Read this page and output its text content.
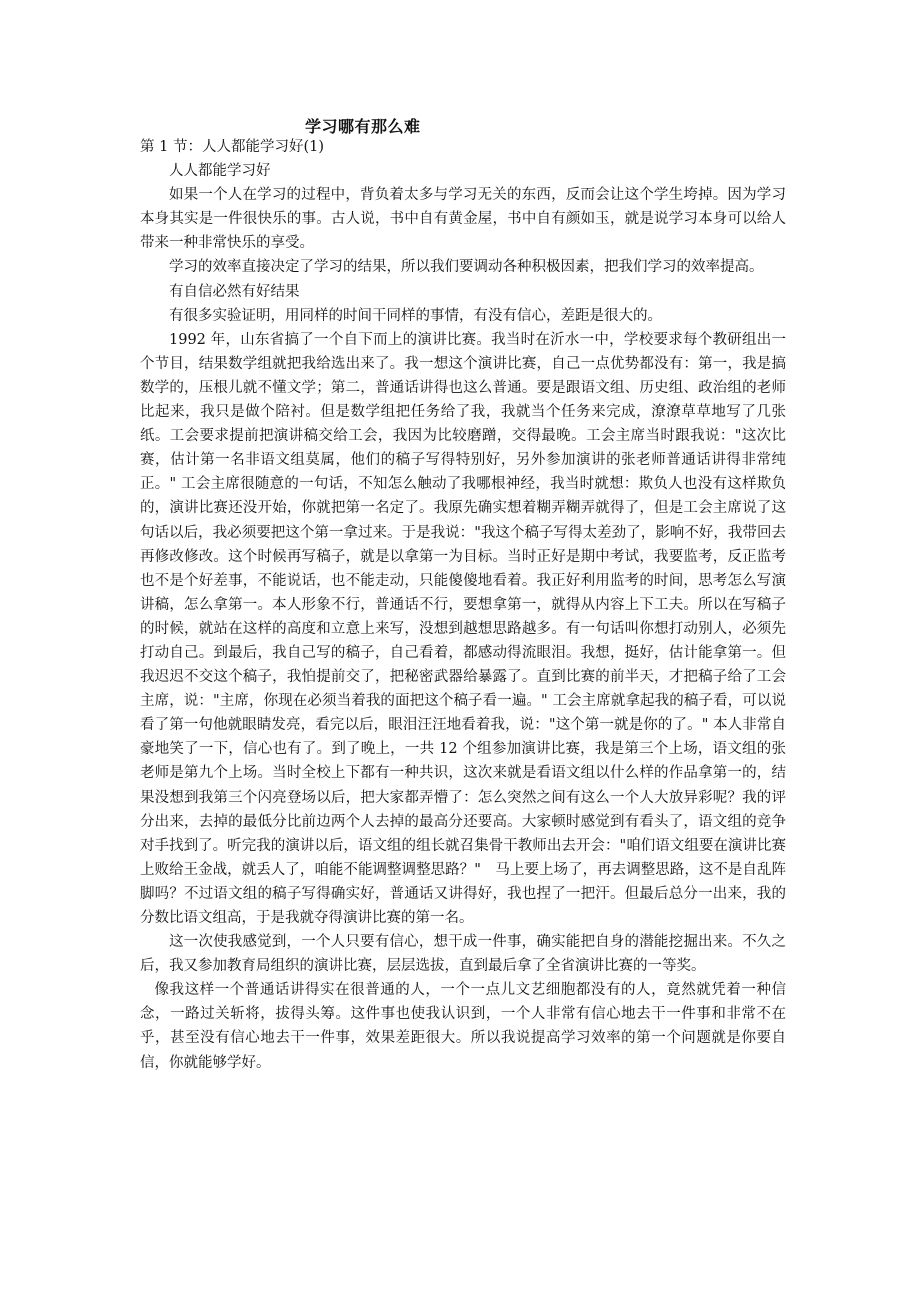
学习哪有那么难

第 1 节：人人都能学习好(1)

人人都能学习好

如果一个人在学习的过程中，背负着太多与学习无关的东西，反而会让这个学生垮掉。因为学习本身其实是一件很快乐的事。古人说，书中自有黄金屋，书中自有颜如玉，就是说学习本身可以给人带来一种非常快乐的享受。

学习的效率直接决定了学习的结果，所以我们要调动各种积极因素，把我们学习的效率提高。

有自信必然有好结果

有很多实验证明，用同样的时间干同样的事情，有没有信心，差距是很大的。

1992 年，山东省搞了一个自下而上的演讲比赛。我当时在沂水一中，学校要求每个教研组出一个节目，结果数学组就把我给选出来了。我一想这个演讲比赛，自己一点优势都没有：第一，我是搞数学的，压根儿就不懂文学；第二，普通话讲得也这么普通。要是跟语文组、历史组、政治组的老师比起来，我只是做个陪衬。但是数学组把任务给了我，我就当个任务来完成，潦潦草草地写了几张纸。工会要求提前把演讲稿交给工会，我因为比较磨蹭，交得最晚。工会主席当时跟我说："这次比赛，估计第一名非语文组莫属，他们的稿子写得特别好，另外参加演讲的张老师普通话讲得非常纯正。" 工会主席很随意的一句话，不知怎么触动了我哪根神经，我当时就想：欺负人也没有这样欺负的，演讲比赛还没开始，你就把第一名定了。我原先确实想着糊弄糊弄就得了，但是工会主席说了这句话以后，我必须要把这个第一拿过来。于是我说："我这个稿子写得太差劲了，影响不好，我带回去再修改修改。这个时候再写稿子，就是以拿第一为目标。当时正好是期中考试，我要监考，反正监考也不是个好差事，不能说话，也不能走动，只能傻傻地看着。我正好利用监考的时间，思考怎么写演讲稿，怎么拿第一。本人形象不行，普通话不行，要想拿第一，就得从内容上下工夫。所以在写稿子的时候，就站在这样的高度和立意上来写，没想到越想思路越多。有一句话叫你想打动别人，必须先打动自己。到最后，我自己写的稿子，自己看着，都感动得流眼泪。我想，挺好，估计能拿第一。但我迟迟不交这个稿子，我怕提前交了，把秘密武器给暴露了。直到比赛的前半天，才把稿子给了工会主席，说："主席，你现在必须当着我的面把这个稿子看一遍。" 工会主席就拿起我的稿子看，可以说看了第一句他就眼睛发亮，看完以后，眼泪汪汪地看着我，说："这个第一就是你的了。" 本人非常自豪地笑了一下，信心也有了。到了晚上，一共 12 个组参加演讲比赛，我是第三个上场，语文组的张老师是第九个上场。当时全校上下都有一种共识，这次来就是看语文组以什么样的作品拿第一的，结果没想到我第三个闪亮登场以后，把大家都弄懵了：怎么突然之间有这么一个人大放异彩呢？我的评分出来，去掉的最低分比前边两个人去掉的最高分还要高。大家顿时感觉到有看头了，语文组的竞争对手找到了。听完我的演讲以后，语文组的组长就召集骨干教师出去开会："咱们语文组要在演讲比赛上败给王金战，就丢人了，咱能不能调整调整思路？"　马上要上场了，再去调整思路，这不是自乱阵脚吗？不过语文组的稿子写得确实好，普通话又讲得好，我也捏了一把汗。但最后总分一出来，我的分数比语文组高，于是我就夺得演讲比赛的第一名。

这一次使我感觉到，一个人只要有信心，想干成一件事，确实能把自身的潜能挖掘出来。不久之后，我又参加教育局组织的演讲比赛，层层选拔，直到最后拿了全省演讲比赛的一等奖。

像我这样一个普通话讲得实在很普通的人，一个一点儿文艺细胞都没有的人，竟然就凭着一种信念，一路过关斩将，拔得头筹。这件事也使我认识到，一个人非常有信心地去干一件事和非常不在乎，甚至没有信心地去干一件事，效果差距很大。所以我说提高学习效率的第一个问题就是你要自信，你就能够学好。
